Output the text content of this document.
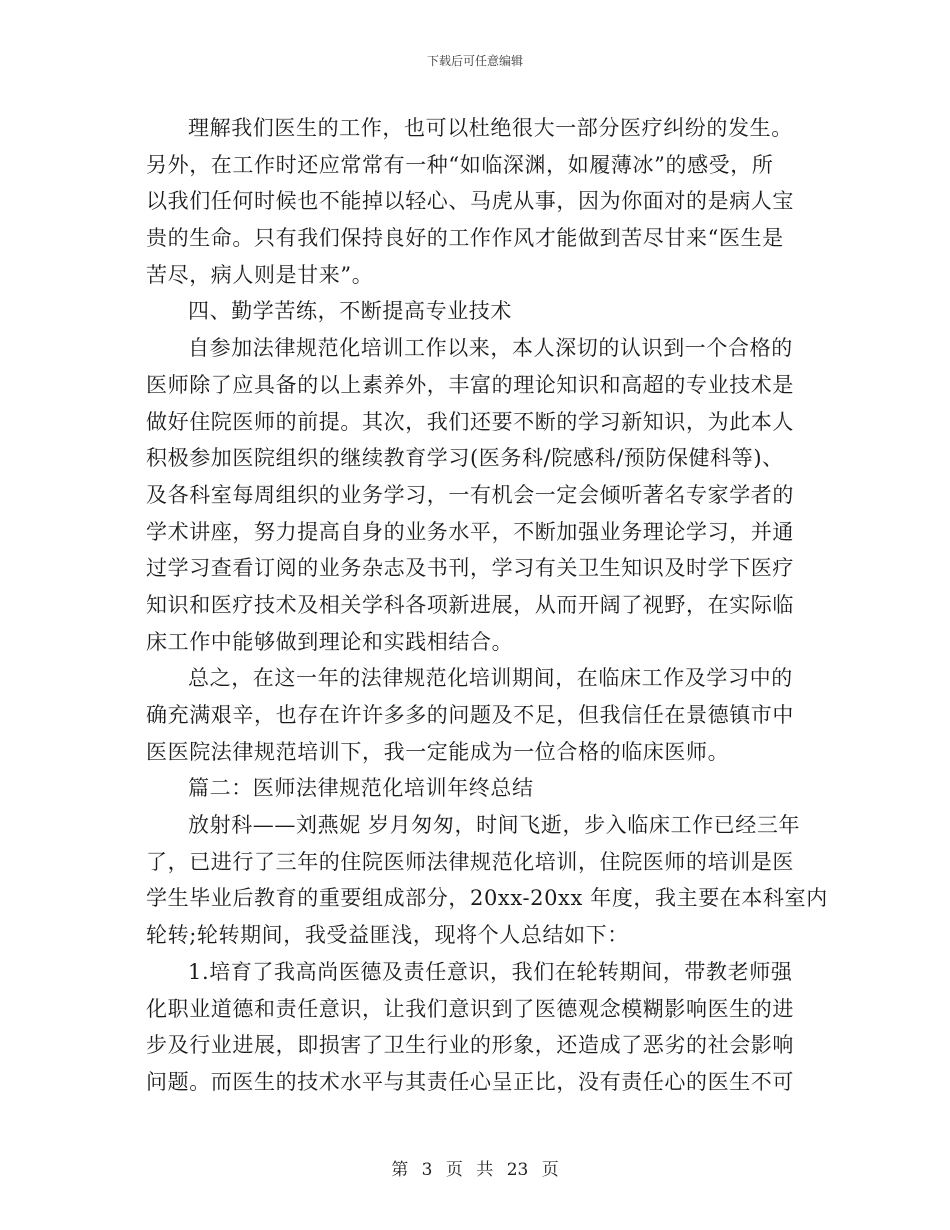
下载后可任意编辑
理解我们医生的工作，也可以杜绝很大一部分医疗纠纷的发生。
另外，在工作时还应常常有一种“如临深渊，如履薄冰”的感受，所
以我们任何时候也不能掉以轻心、马虎从事，因为你面对的是病人宝
贵的生命。只有我们保持良好的工作作风才能做到苦尽甘来“医生是
苦尽，病人则是甘来”。
四、勤学苦练，不断提高专业技术
自参加法律规范化培训工作以来，本人深切的认识到一个合格的
医师除了应具备的以上素养外，丰富的理论知识和高超的专业技术是
做好住院医师的前提。其次，我们还要不断的学习新知识，为此本人
积极参加医院组织的继续教育学习(医务科/院感科/预防保健科等)、
及各科室每周组织的业务学习，一有机会一定会倾听著名专家学者的
学术讲座，努力提高自身的业务水平，不断加强业务理论学习，并通
过学习查看订阅的业务杂志及书刊，学习有关卫生知识及时学下医疗
知识和医疗技术及相关学科各项新进展，从而开阔了视野，在实际临
床工作中能够做到理论和实践相结合。
总之，在这一年的法律规范化培训期间，在临床工作及学习中的
确充满艰辛，也存在许许多多的问题及不足，但我信任在景德镇市中
医医院法律规范培训下，我一定能成为一位合格的临床医师。
篇二：医师法律规范化培训年终总结
放射科——刘燕妮 岁月匆匆，时间飞逝，步入临床工作已经三年
了，已进行了三年的住院医师法律规范化培训，住院医师的培训是医
学生毕业后教育的重要组成部分，20xx-20xx 年度，我主要在本科室内
轮转;轮转期间，我受益匪浅，现将个人总结如下：
1.培育了我高尚医德及责任意识，我们在轮转期间，带教老师强
化职业道德和责任意识，让我们意识到了医德观念模糊影响医生的进
步及行业进展，即损害了卫生行业的形象，还造成了恶劣的社会影响
问题。而医生的技术水平与其责任心呈正比，没有责任心的医生不可
第 3 页 共 23 页
